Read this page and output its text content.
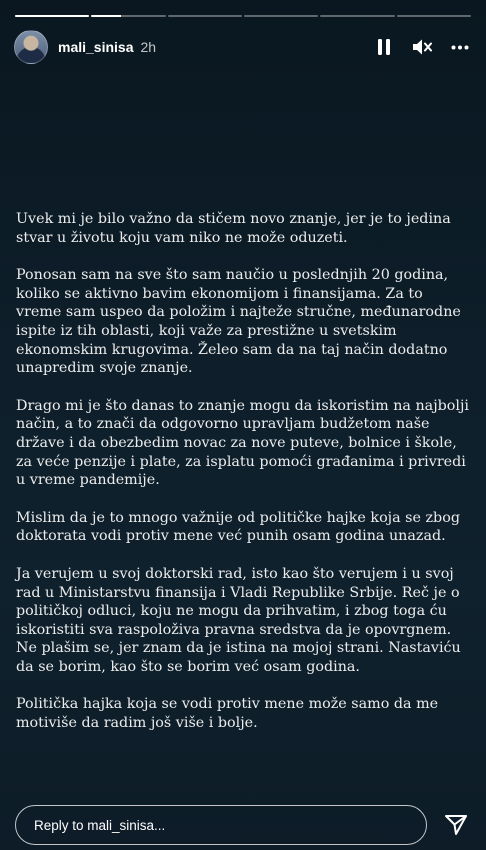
mali_sinisa 2h

Uvek mi je bilo važno da stičem novo znanje, jer je to jedina stvar u životu koju vam niko ne može oduzeti.

Ponosan sam na sve što sam naučio u poslednjih 20 godina, koliko se aktivno bavim ekonomijom i finansijama. Za to vreme sam uspeo da položim i najteže stručne, međunarodne ispite iz tih oblasti, koji važe za prestižne u svetskim ekonomskim krugovima. Želeo sam da na taj način dodatno unapredim svoje znanje.

Drago mi je što danas to znanje mogu da iskoristim na najbolji način, a to znači da odgovorno upravljam budžetom naše države i da obezbedim novac za nove puteve, bolnice i škole, za veće penzije i plate, za isplatu pomoći građanima i privredi u vreme pandemije.

Mislim da je to mnogo važnije od političke hajke koja se zbog doktorata vodi protiv mene već punih osam godina unazad.

Ja verujem u svoj doktorski rad, isto kao što verujem i u svoj rad u Ministarstvu finansija i Vladi Republike Srbije. Reč je o političkoj odluci, koju ne mogu da prihvatim, i zbog toga ću iskoristiti sva raspoloživa pravna sredstva da je opovrgnem. Ne plašim se, jer znam da je istina na mojoj strani. Nastaviću da se borim, kao što se borim već osam godina.

Politička hajka koja se vodi protiv mene može samo da me motiviše da radim još više i bolje.

Reply to mali_sinisa...
